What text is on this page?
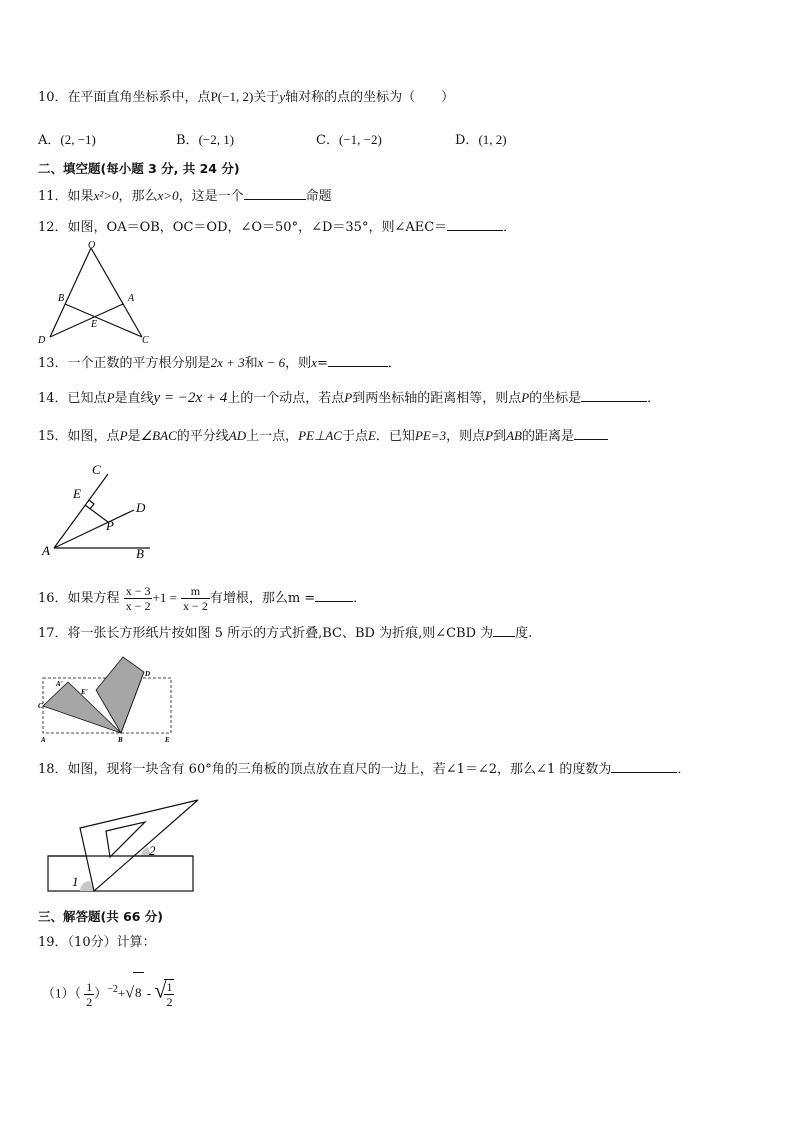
10．在平面直角坐标系中，点P(−1, 2)关于y轴对称的点的坐标为（　　）
A．(2, −1)	B．(−2, 1)	C．(−1, −2)	D．(1, 2)
二、填空题(每小题 3 分, 共 24 分)
11．如果x²>0，那么x>0，这是一个	命题
12．如图，OA＝OB，OC＝OD，∠O＝50°，∠D＝35°，则∠AEC＝	．
O
B	A
E
D	C
13．一个正数的平方根分别是2x + 3和x − 6，则x=	．
14．已知点P是直线y = −2x + 4上的一个动点，若点P到两坐标轴的距离相等，则点P的坐标是	．
15．如图，点P是∠BAC的平分线AD上一点，PE⊥AC于点E．已知PE=3，则点P到AB的距离是
A	B
C
D
E
P
16．如果方程 $\frac{x - 3}{x - 2} +1 = \frac{m}{x - 2}$ 有增根，那么m =	．
17．将一张长方形纸片按如图 5 所示的方式折叠,BC、BD 为折痕,则∠CBD 为 度.
A'
E'
D
C
A	B	E
18．如图，现将一块含有 60°角的三角板的顶点放在直尺的一边上，若∠1＝∠2，那么∠1 的度数为	．
1
2
三、解答题(共 66 分)
19．（10分）计算：
$(1)( \frac{1}{2} )^{-2}+√8$ - √
$\frac{1}{2}$
